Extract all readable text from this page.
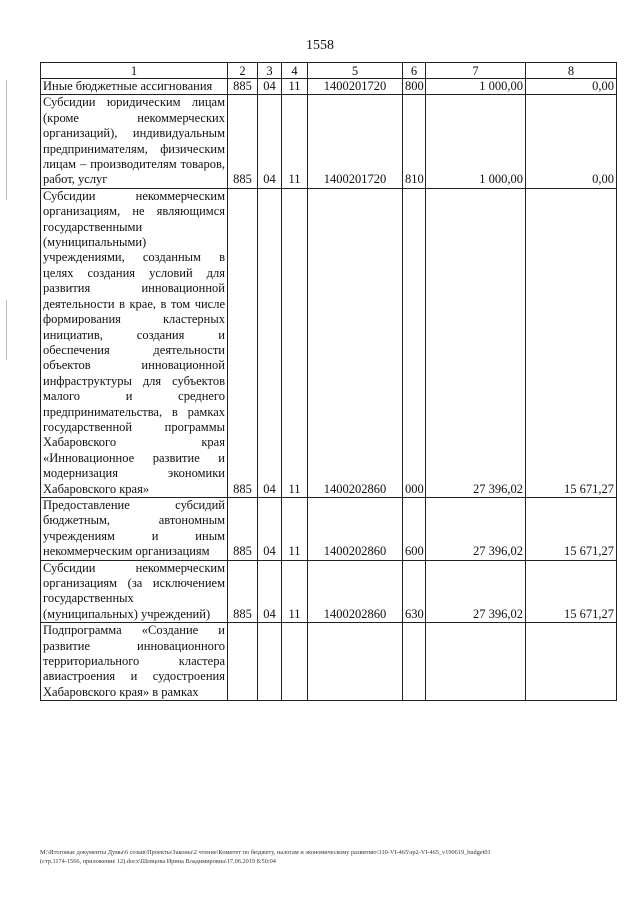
1558
1	2	3	4	5	6	7	8
Иные бюджетные ассигнования	885	04	11	1400201720	800	1 000,00	0,00
Субсидии юридическим лицам (кроме некоммерческих организаций), индивидуальным предпринимателям, физическим лицам – производителям товаров, работ, услуг	885	04	11	1400201720	810	1 000,00	0,00
Субсидии некоммерческим организациям, не являющимся государственными (муниципальными) учреждениями, созданным в целях создания условий для развития инновационной деятельности в крае, в том числе формирования кластерных инициатив, создания и обеспечения деятельности объектов инновационной инфраструктуры для субъектов малого и среднего предпринимательства, в рамках государственной программы Хабаровского края «Инновационное развитие и модернизация экономики Хабаровского края»	885	04	11	1400202860	000	27 396,02	15 671,27
Предоставление субсидий бюджетным, автономным учреждениям и иным некоммерческим организациям	885	04	11	1400202860	600	27 396,02	15 671,27
Субсидии некоммерческим организациям (за исключением государственных (муниципальных) учреждений)	885	04	11	1400202860	630	27 396,02	15 671,27
Подпрограмма «Создание и развитие инновационного территориального кластера авиастроения и судостроения Хабаровского края» в рамках							
М:\Итоговые документы Думы\6 созыв\Проекты\Законы\2 чтение\Комитет по бюджету, налогам и экономическому развитию\310-VI-465\зр2-VI-465_v190619_budget01
(стр.1174-1566, приложение 12).docx\Шевцова Ирина Владимировна\17.06.2019 8:50:04
